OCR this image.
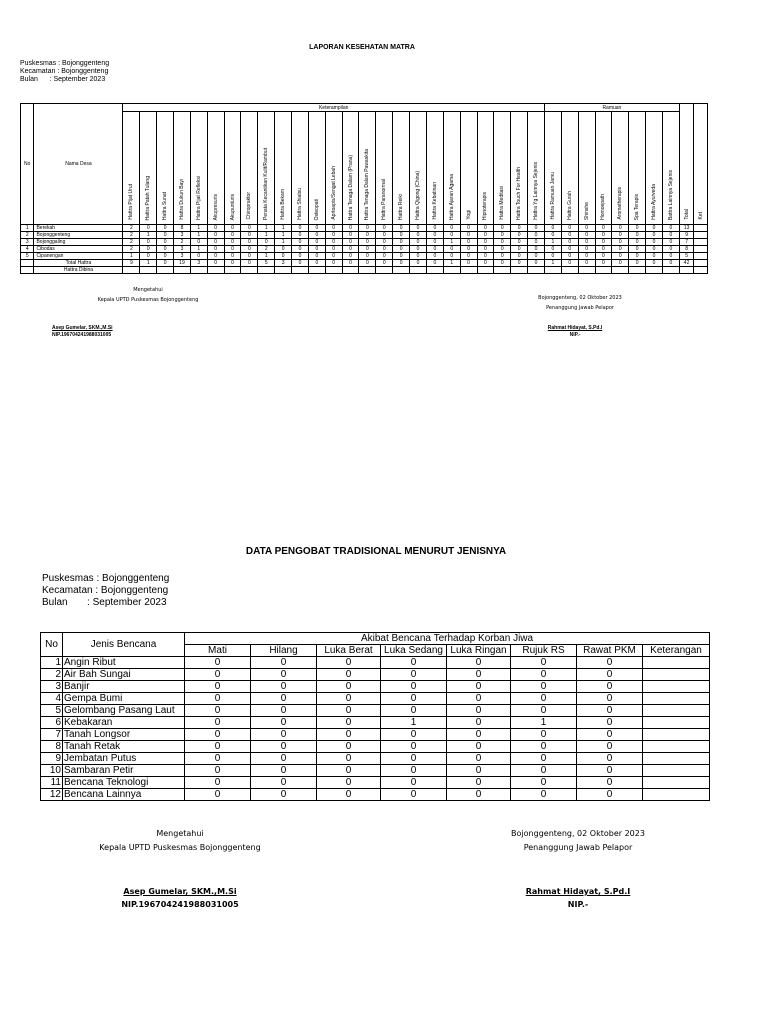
LAPORAN KESEHATAN MATRA
Puskesmas : Bojonggenteng
Kecamatan : Bojonggenteng
Bulan      : September 2023
No	Nama Desa	Keterampilan																									Ramuan								Total	Ket
		Hattra Pijat Urut	Hattra Patah Tulang	Hattra Sunat	Hattra Dukun Bayi	Hattra Pijat Refleksi	Akupresuris	Akupunturis	Chiropraktor	Penata Kecantikan Kulit/Rambut	Hattra Bekam	Hattra Shiatsu	Osteopati	Aprtoapis/Sengat Lebah	Hattra Tenaga Dalam (Prana)	Hattra Tenaga Dalam Pawaskita	Hattra Paranormal	Hattra Reiki	Hattra Qigong (China)	Hattra Kebatinan	Hattra Ajaran Agama	Yogi	Hipnoterapis	Hattra Meditasi	Hattra Touch For Health	Hattra Yg Lainnya Sejenis	Hattra Ramuan Jamu	Hattra Gurah	Shinshe	Homoepath	Aromatherapis	Spa Terapis	Hattra Ayurveda	Battra Lainnya Sejenis		
1	Berekah	2	0	0	8	1	0	0	0	1	1	0	0	0	0	0	0	0	0	0	0	0	0	0	0	0	0	0	0	0	0	0	0	0	13	
2	Bojonggenteng	2	1	0	3	1	0	0	0	1	1	0	0	0	0	0	0	0	0	0	0	0	0	0	0	0	0	0	0	0	0	0	0	0	9	
3	Bojonggaling	2	0	0	2	0	0	0	0	0	1	0	0	0	0	0	0	0	0	0	1	0	0	0	0	0	1	0	0	0	0	0	0	0	7	
4	Cibodas	2	0	0	3	1	0	0	0	2	0	0	0	0	0	0	0	0	0	0	0	0	0	0	0	0	0	0	0	0	0	0	0	0	8	
5	Cipanengan	1	0	0	3	0	0	0	0	1	0	0	0	0	0	0	0	0	0	0	0	0	0	0	0	0	0	0	0	0	0	0	0	0	5	
	Total Hattra	9	1	0	19	3	0	0	0	5	3	0	0	0	0	0	0	0	0	0	1	0	0	0	0	0	1	0	0	0	0	0	0	0	42	
	Hattra Dibina																																			
Mengetahui
Kepala UPTD Puskesmas Bojonggenteng
Asep Gumelar, SKM.,M.Si
NIP.196704241988031005
Bojonggenteng, 02 Oktober 2023
Penanggung Jawab Pelapor
Rahmat Hidayat, S.Pd.I
NIP.-
DATA PENGOBAT TRADISIONAL MENURUT JENISNYA
Puskesmas : Bojonggenteng
Kecamatan : Bojonggenteng
Bulan       : September 2023
No	Jenis Bencana	Akibat Bencana Terhadap Korban Jiwa							
		Mati	Hilang	Luka Berat	Luka Sedang	Luka Ringan	Rujuk RS	Rawat PKM	Keterangan
1	Angin Ribut	0	0	0	0	0	0	0	
2	Air Bah Sungai	0	0	0	0	0	0	0	
3	Banjir	0	0	0	0	0	0	0	
4	Gempa Bumi	0	0	0	0	0	0	0	
5	Gelombang Pasang Laut	0	0	0	0	0	0	0	
6	Kebakaran	0	0	0	1	0	1	0	
7	Tanah Longsor	0	0	0	0	0	0	0	
8	Tanah Retak	0	0	0	0	0	0	0	
9	Jembatan Putus	0	0	0	0	0	0	0	
10	Sambaran Petir	0	0	0	0	0	0	0	
11	Bencana Teknologi	0	0	0	0	0	0	0	
12	Bencana Lainnya	0	0	0	0	0	0	0	
Mengetahui
Kepala UPTD Puskesmas Bojonggenteng
Asep Gumelar, SKM.,M.Si
NIP.196704241988031005
Bojonggenteng, 02 Oktober 2023
Penanggung Jawab Pelapor
Rahmat Hidayat, S.Pd.I
NIP.-
